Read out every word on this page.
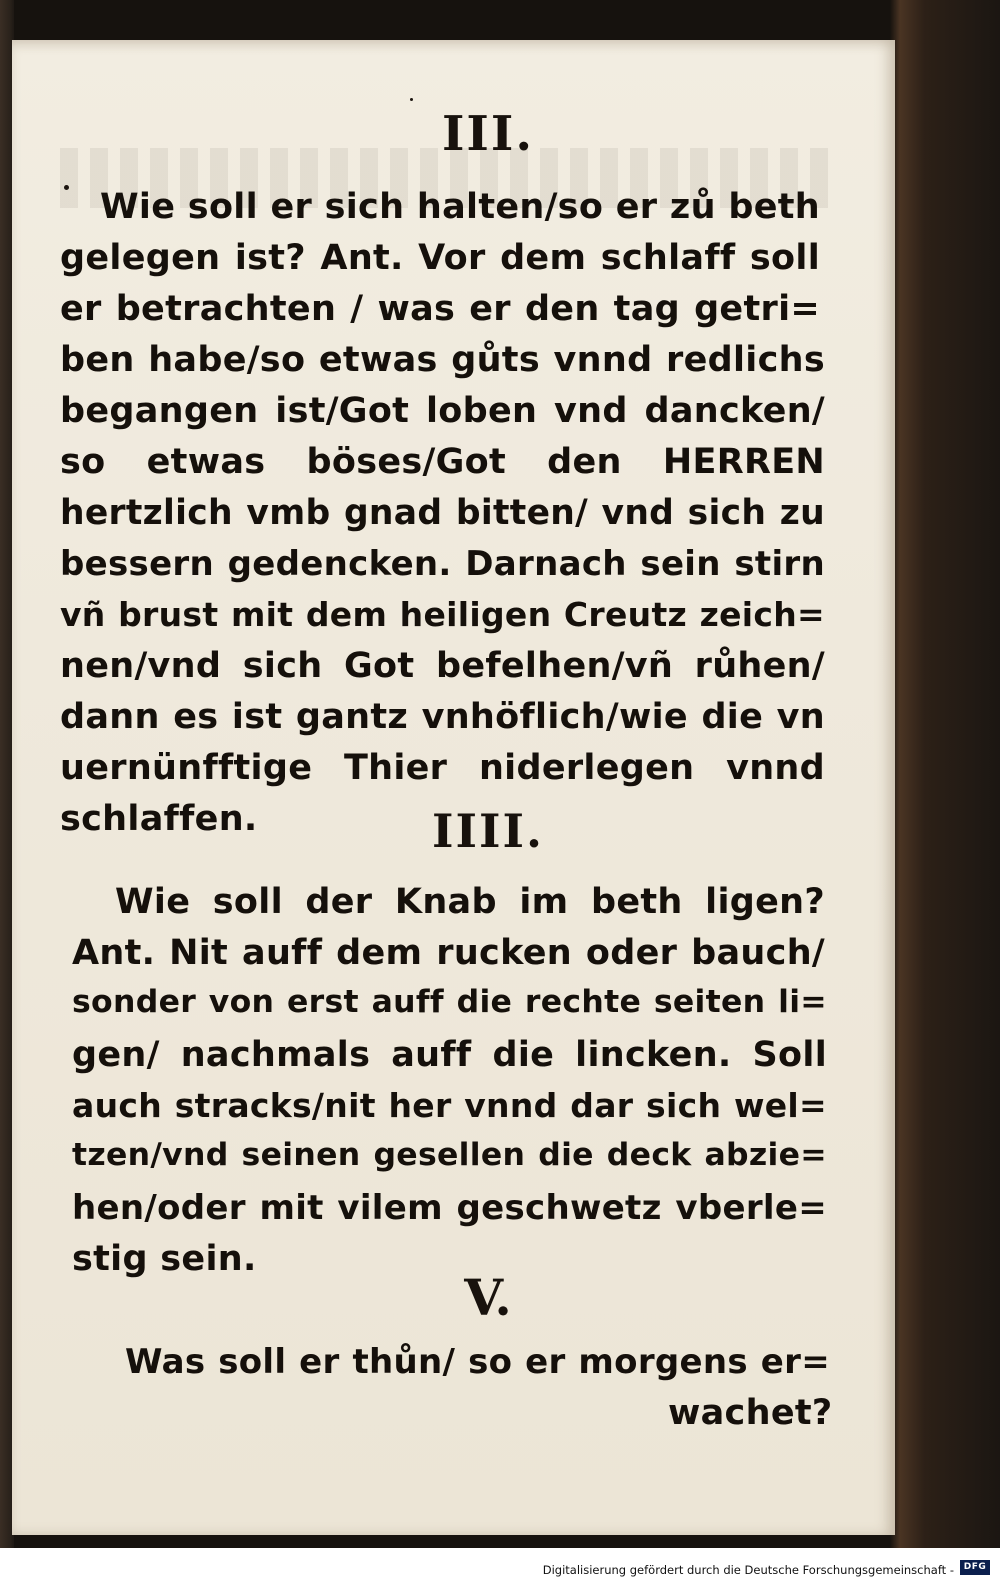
III.
Wie soll er sich halten/so er zů beth
gelegen ist? Ant. Vor dem schlaff soll
er betrachten / was er den tag getri=
ben habe/so etwas gůts vnnd redlichs
begangen ist/Got loben vnd dancken/
so etwas böses/Got den HERREN
hertzlich vmb gnad bitten/ vnd sich zu
bessern gedencken. Darnach sein stirn
vñ brust mit dem heiligen Creutz zeich=
nen/vnd sich Got befelhen/vñ růhen/
dann es ist gantz vnhöflich/wie die vn
uernünfftige Thier niderlegen vnnd
schlaffen.	IIII.
Wie soll der Knab im beth ligen?
Ant. Nit auff dem rucken oder bauch/
sonder von erst auff die rechte seiten li=
gen/ nachmals auff die lincken. Soll
auch stracks/nit her vnnd dar sich wel=
tzen/vnd seinen gesellen die deck abzie=
hen/oder mit vilem geschwetz vberle=
stig sein.
V.
Was soll er thůn/ so er morgens er=
wachet?
Digitalisierung gefördert durch die Deutsche Forschungsgemeinschaft -	DFG
